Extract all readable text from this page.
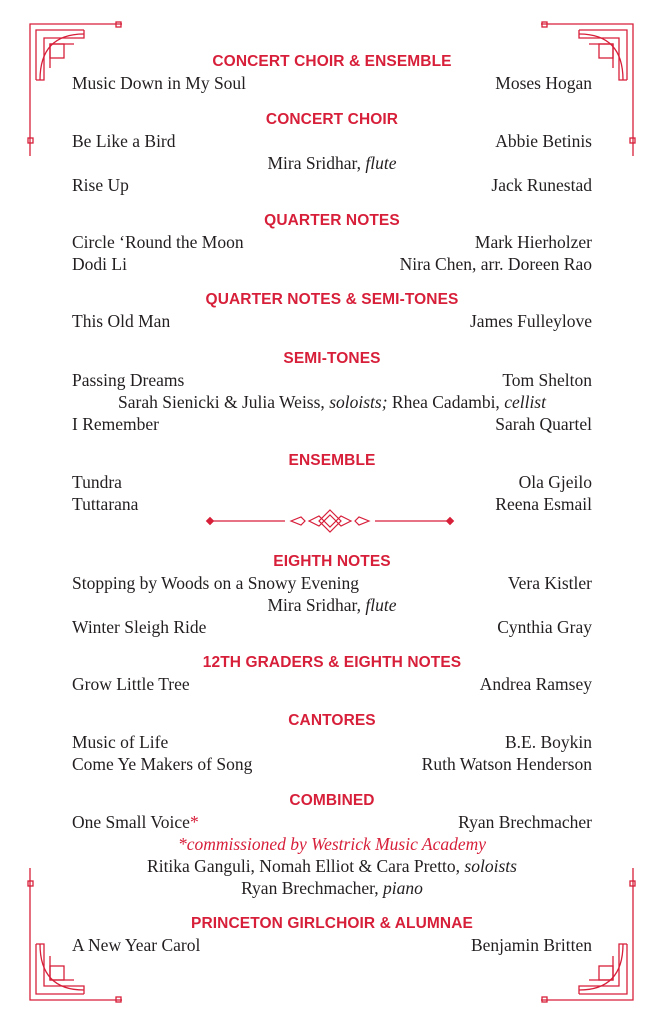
CONCERT CHOIR & ENSEMBLE
Music Down in My Soul	Moses Hogan
CONCERT CHOIR
Be Like a Bird	Abbie Betinis
Mira Sridhar, flute
Rise Up	Jack Runestad
QUARTER NOTES
Circle ‘Round the Moon	Mark Hierholzer
Dodi Li	Nira Chen, arr. Doreen Rao
QUARTER NOTES & SEMI-TONES
This Old Man	James Fulleylove
SEMI-TONES
Passing Dreams	Tom Shelton
Sarah Sienicki & Julia Weiss, soloists; Rhea Cadambi, cellist
I Remember	Sarah Quartel
ENSEMBLE
Tundra	Ola Gjeilo
Tuttarana	Reena Esmail
EIGHTH NOTES
Stopping by Woods on a Snowy Evening	Vera Kistler
Mira Sridhar, flute
Winter Sleigh Ride	Cynthia Gray
12TH GRADERS & EIGHTH NOTES
Grow Little Tree	Andrea Ramsey
CANTORES
Music of Life	B.E. Boykin
Come Ye Makers of Song	Ruth Watson Henderson
COMBINED
One Small Voice*	Ryan Brechmacher
*commissioned by Westrick Music Academy
Ritika Ganguli, Nomah Elliot & Cara Pretto, soloists
Ryan Brechmacher, piano
PRINCETON GIRLCHOIR & ALUMNAE
A New Year Carol	Benjamin Britten
